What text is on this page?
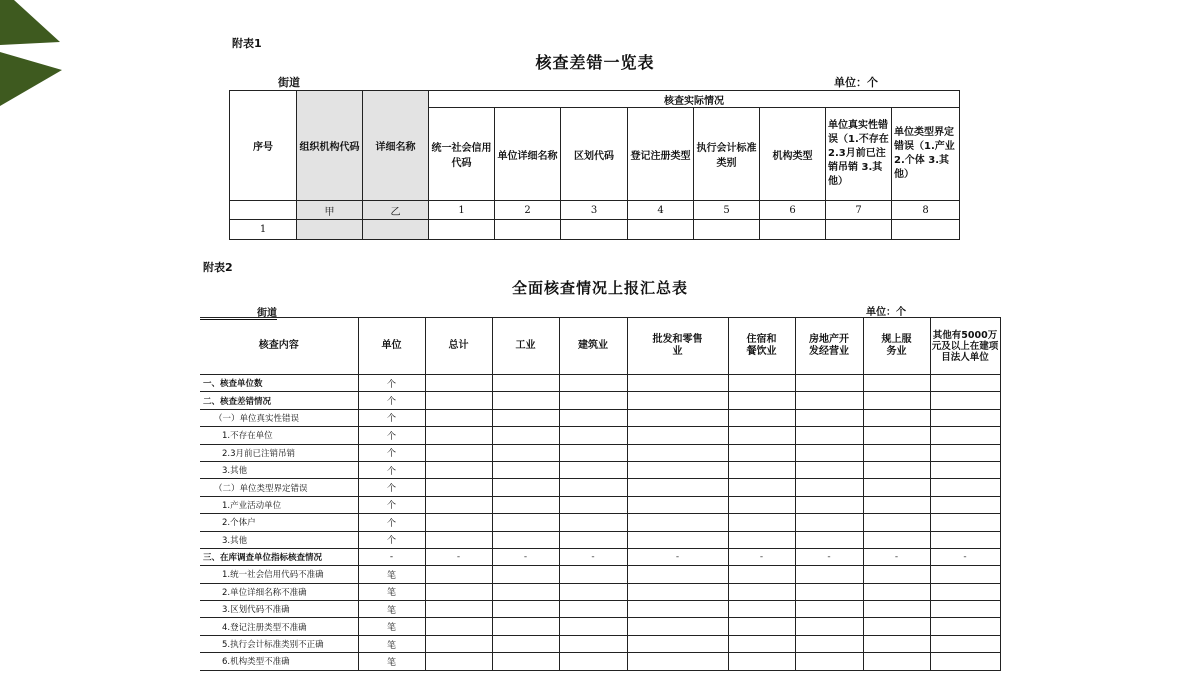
附表1
核查差错一览表
街道	单位：个
序号	组织机构代码	详细名称	核查实际情况							
			统一社会信用代码	单位详细名称	区划代码	登记注册类型	执行会计标准类别	机构类型	单位真实性错误（1.不存在 2.3月前已注销吊销 3.其他）	单位类型界定错误（1.产业 2.个体 3.其他）
	甲	乙	1	2	3	4	5	6	7	8
1										
附表2
全面核查情况上报汇总表
街道	单位：个
核查内容	单位	总计	工业	建筑业	批发和零售业	住宿和餐饮业	房地产开发经营业	规上服务业	其他有5000万元及以上在建项目法人单位
一、核查单位数	个								
二、核查差错情况	个								
（一）单位真实性错误	个								
1.不存在单位	个								
2.3月前已注销吊销	个								
3.其他	个								
（二）单位类型界定错误	个								
1.产业活动单位	个								
2.个体户	个								
3.其他	个								
三、在库调查单位指标核查情况	-	-	-	-	-	-	-	-	-
1.统一社会信用代码不准确	笔								
2.单位详细名称不准确	笔								
3.区划代码不准确	笔								
4.登记注册类型不准确	笔								
5.执行会计标准类别不正确	笔								
6.机构类型不准确	笔								
